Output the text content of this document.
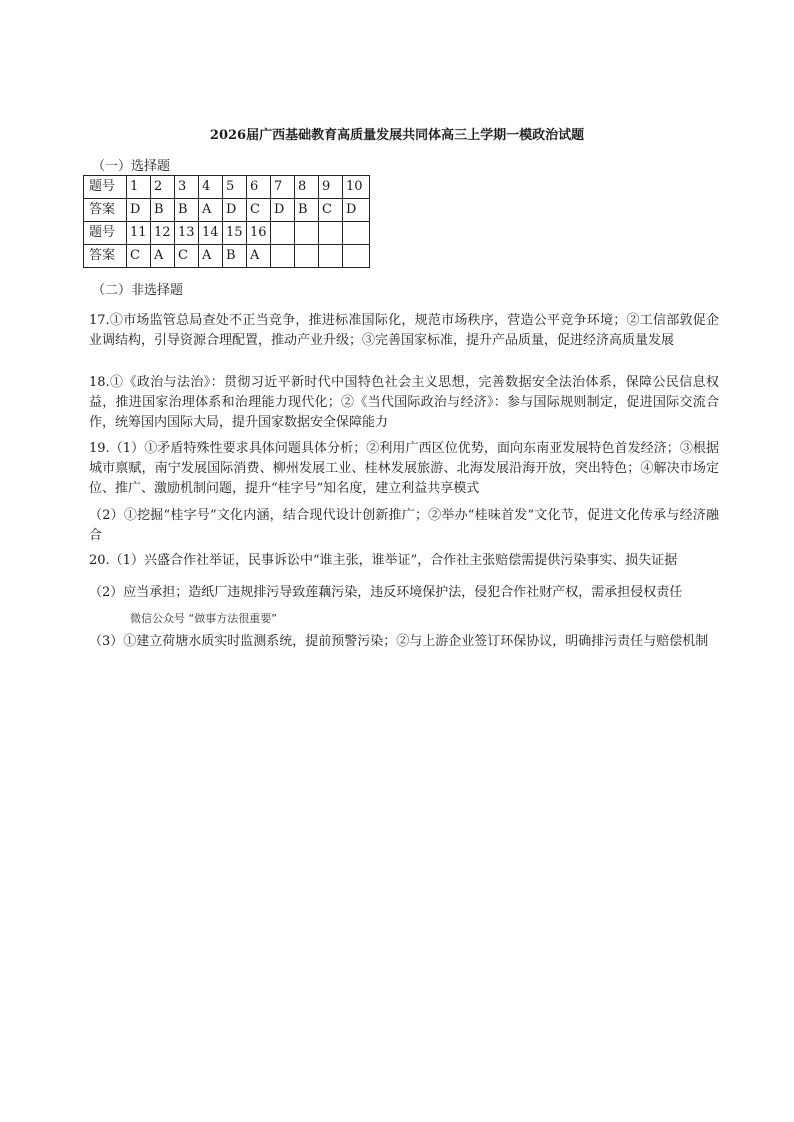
2026届广西基础教育高质量发展共同体高三上学期一模政治试题
（一）选择题
题号	1	2	3	4	5	6	7	8	9	10
答案	D	B	B	A	D	C	D	B	C	D
题号	11	12	13	14	15	16				
答案	C	A	C	A	B	A				
（二）非选择题
17.①市场监管总局查处不正当竞争，推进标准国际化，规范市场秩序，营造公平竞争环境；②工信部敦促企业调结构，引导资源合理配置，推动产业升级；③完善国家标准，提升产品质量，促进经济高质量发展
18.①《政治与法治》：贯彻习近平新时代中国特色社会主义思想，完善数据安全法治体系，保障公民信息权益，推进国家治理体系和治理能力现代化；②《当代国际政治与经济》：参与国际规则制定，促进国际交流合作，统筹国内国际大局，提升国家数据安全保障能力
19.（1）①矛盾特殊性要求具体问题具体分析；②利用广西区位优势，面向东南亚发展特色首发经济；③根据城市禀赋，南宁发展国际消费、柳州发展工业、桂林发展旅游、北海发展沿海开放，突出特色；④解决市场定位、推广、激励机制问题，提升“桂字号”知名度，建立利益共享模式
（2）①挖掘“桂字号”文化内涵，结合现代设计创新推广；②举办“桂味首发”文化节，促进文化传承与经济融合
20.（1）兴盛合作社举证，民事诉讼中“谁主张，谁举证”，合作社主张赔偿需提供污染事实、损失证据
（2）应当承担；造纸厂违规排污导致莲藕污染，违反环境保护法，侵犯合作社财产权，需承担侵权责任
微信公众号 “做事方法很重要”
（3）①建立荷塘水质实时监测系统，提前预警污染；②与上游企业签订环保协议，明确排污责任与赔偿机制
